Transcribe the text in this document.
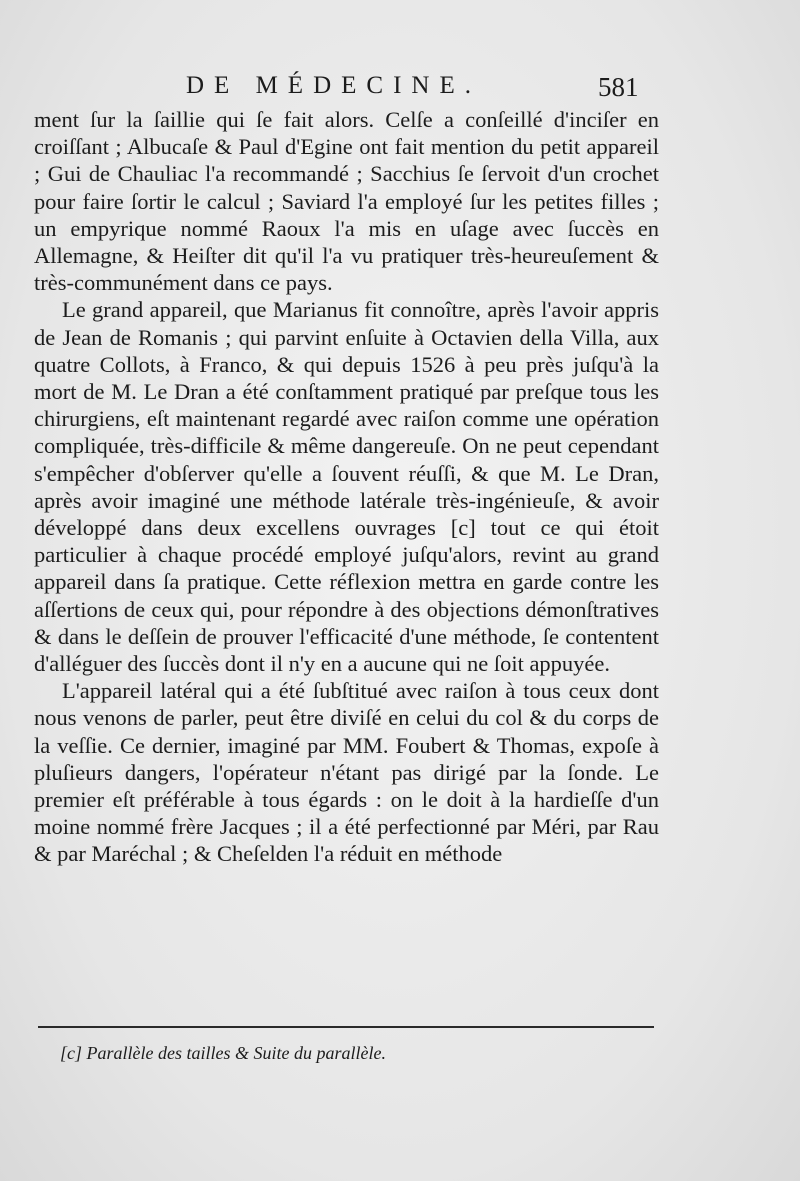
DE MÉDECINE.	581

ment ſur la ſaillie qui ſe fait alors. Celſe a conſeillé d'inciſer en croiſſant ; Albucaſe & Paul d'Egine ont fait mention du petit appareil ; Gui de Chauliac l'a recommandé ; Sacchius ſe ſervoit d'un crochet pour faire ſortir le calcul ; Saviard l'a employé ſur les petites filles ; un empyrique nommé Raoux l'a mis en uſage avec ſuccès en Allemagne, & Heiſter dit qu'il l'a vu pratiquer très-heureuſement & très-communément dans ce pays.

Le grand appareil, que Marianus fit connoître, après l'avoir appris de Jean de Romanis ; qui parvint enſuite à Octavien della Villa, aux quatre Collots, à Franco, & qui depuis 1526 à peu près juſqu'à la mort de M. Le Dran a été conſtamment pratiqué par preſque tous les chirurgiens, eſt maintenant regardé avec raiſon comme une opération compliquée, très-difficile & même dangereuſe. On ne peut cependant s'empêcher d'obſerver qu'elle a ſouvent réuſſi, & que M. Le Dran, après avoir imaginé une méthode latérale très-ingénieuſe, & avoir développé dans deux excellens ouvrages [c] tout ce qui étoit particulier à chaque procédé employé juſqu'alors, revint au grand appareil dans ſa pratique. Cette réflexion mettra en garde contre les aſſertions de ceux qui, pour répondre à des objections démonſtratives & dans le deſſein de prouver l'efficacité d'une méthode, ſe contentent d'alléguer des ſuccès dont il n'y en a aucune qui ne ſoit appuyée.

L'appareil latéral qui a été ſubſtitué avec raiſon à tous ceux dont nous venons de parler, peut être diviſé en celui du col & du corps de la veſſie. Ce dernier, imaginé par MM. Foubert & Thomas, expoſe à pluſieurs dangers, l'opérateur n'étant pas dirigé par la ſonde. Le premier eſt préférable à tous égards : on le doit à la hardieſſe d'un moine nommé frère Jacques ; il a été perfectionné par Méri, par Rau & par Maréchal ; & Cheſelden l'a réduit en méthode

[c] Parallèle des tailles & Suite du parallèle.
